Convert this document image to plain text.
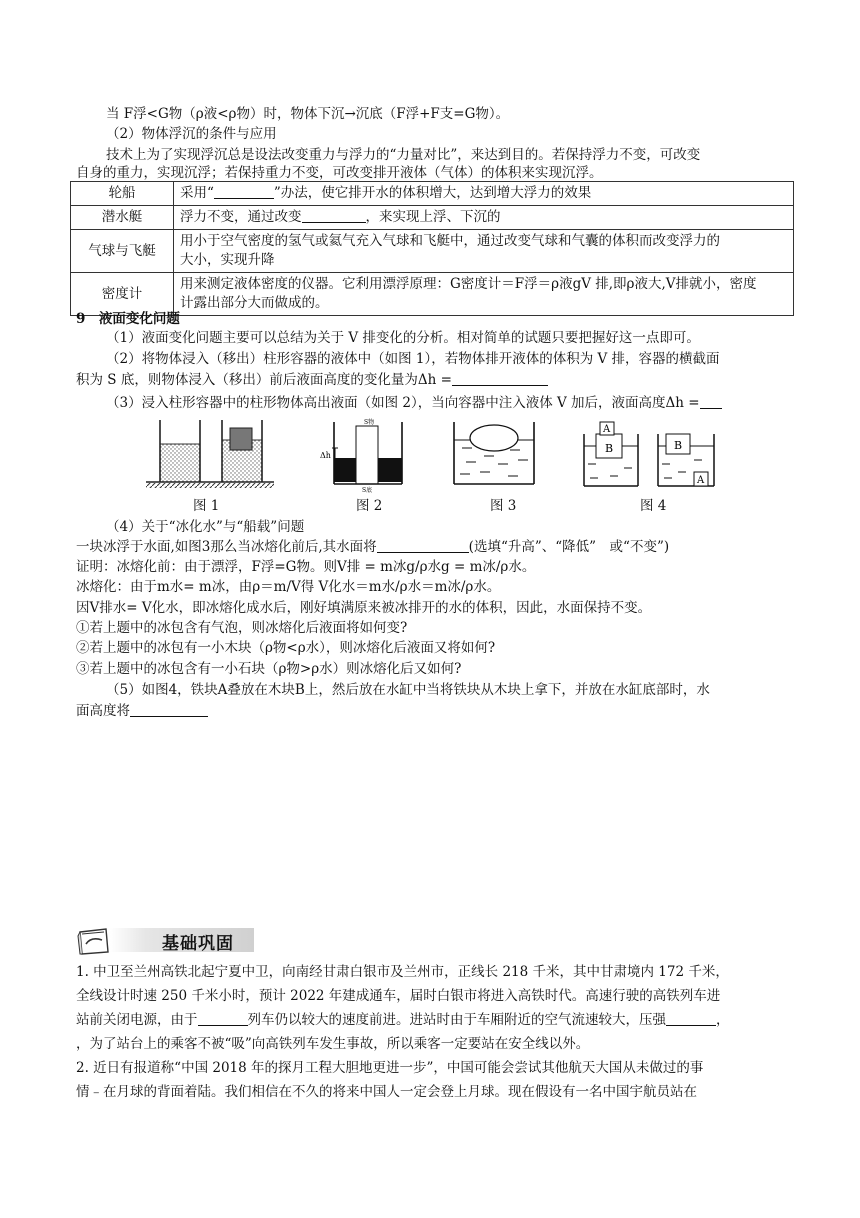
当 F浮<G物（ρ液<ρ物）时，物体下沉→沉底（F浮+F支=G物）。
（2）物体浮沉的条件与应用
技术上为了实现浮沉总是设法改变重力与浮力的“力量对比”，来达到目的。若保持浮力不变，可改变
自身的重力，实现沉浮；若保持重力不变，可改变排开液体（气体）的体积来实现沉浮。
轮船	采用“ ”办法，使它排开水的体积增大，达到增大浮力的效果
潜水艇	浮力不变，通过改变 ，来实现上浮、下沉的
气球与飞艇	用小于空气密度的氢气或氦气充入气球和飞艇中，通过改变气球和气囊的体积而改变浮力的
大小，实现升降

密度计	用来测定液体密度的仪器。它利用漂浮原理：G密度计＝F浮＝ρ液gV 排,即ρ液大,V排就小，密度
计露出部分大而做成的。
9　液面变化问题
（1）液面变化问题主要可以总结为关于 V 排变化的分析。相对简单的试题只要把握好这一点即可。
（2）将物体浸入（移出）柱形容器的液体中（如图 1），若物体排开液体的体积为 V 排，容器的横截面
积为 S 底，则物体浸入（移出）前后液面高度的变化量为Δh =
（3）浸入柱形容器中的柱形物体高出液面（如图 2），当向容器中注入液体 V 加后，液面高度Δh =
S物
Δh
S底
A
B	B
A
图 1	图 2	图 3	图 4
（4）关于“冰化水”与“船载”问题
一块冰浮于水面,如图3那么当冰熔化前后,其水面将	(选填“升高”、“降低”　或“不变”)
证明：冰熔化前：由于漂浮，F浮=G物。则V排 = m冰g/ρ水g = m冰/ρ水。
冰熔化：由于m水= m冰，由ρ＝m/V得 V化水＝m水/ρ水＝m冰/ρ水。
因V排水= V化水，即冰熔化成水后，刚好填满原来被冰排开的水的体积，因此，水面保持不变。
①若上题中的冰包含有气泡，则冰熔化后液面将如何变?
②若上题中的冰包有一小木块（ρ物<ρ水），则冰熔化后液面又将如何?
③若上题中的冰包含有一小石块（ρ物>ρ水）则冰熔化后又如何?
（5）如图4，铁块A叠放在木块B上，然后放在水缸中当将铁块从木块上拿下，并放在水缸底部时，水
面高度将
基础巩固
1. 中卫至兰州高铁北起宁夏中卫，向南经甘肃白银市及兰州市，正线长 218 千米，其中甘肃境内 172 千米，
全线设计时速 250 千米小时，预计 2022 年建成通车，届时白银市将进入高铁时代。高速行驶的高铁列车进
站前关闭电源，由于	列车仍以较大的速度前进。进站时由于车厢附近的空气流速较大，压强	，
，为了站台上的乘客不被“吸”向高铁列车发生事故，所以乘客一定要站在安全线以外。
2. 近日有报道称“中国 2018 年的探月工程大胆地更进一步”，中国可能会尝试其他航天大国从未做过的事
情﹣在月球的背面着陆。我们相信在不久的将来中国人一定会登上月球。现在假设有一名中国宇航员站在
